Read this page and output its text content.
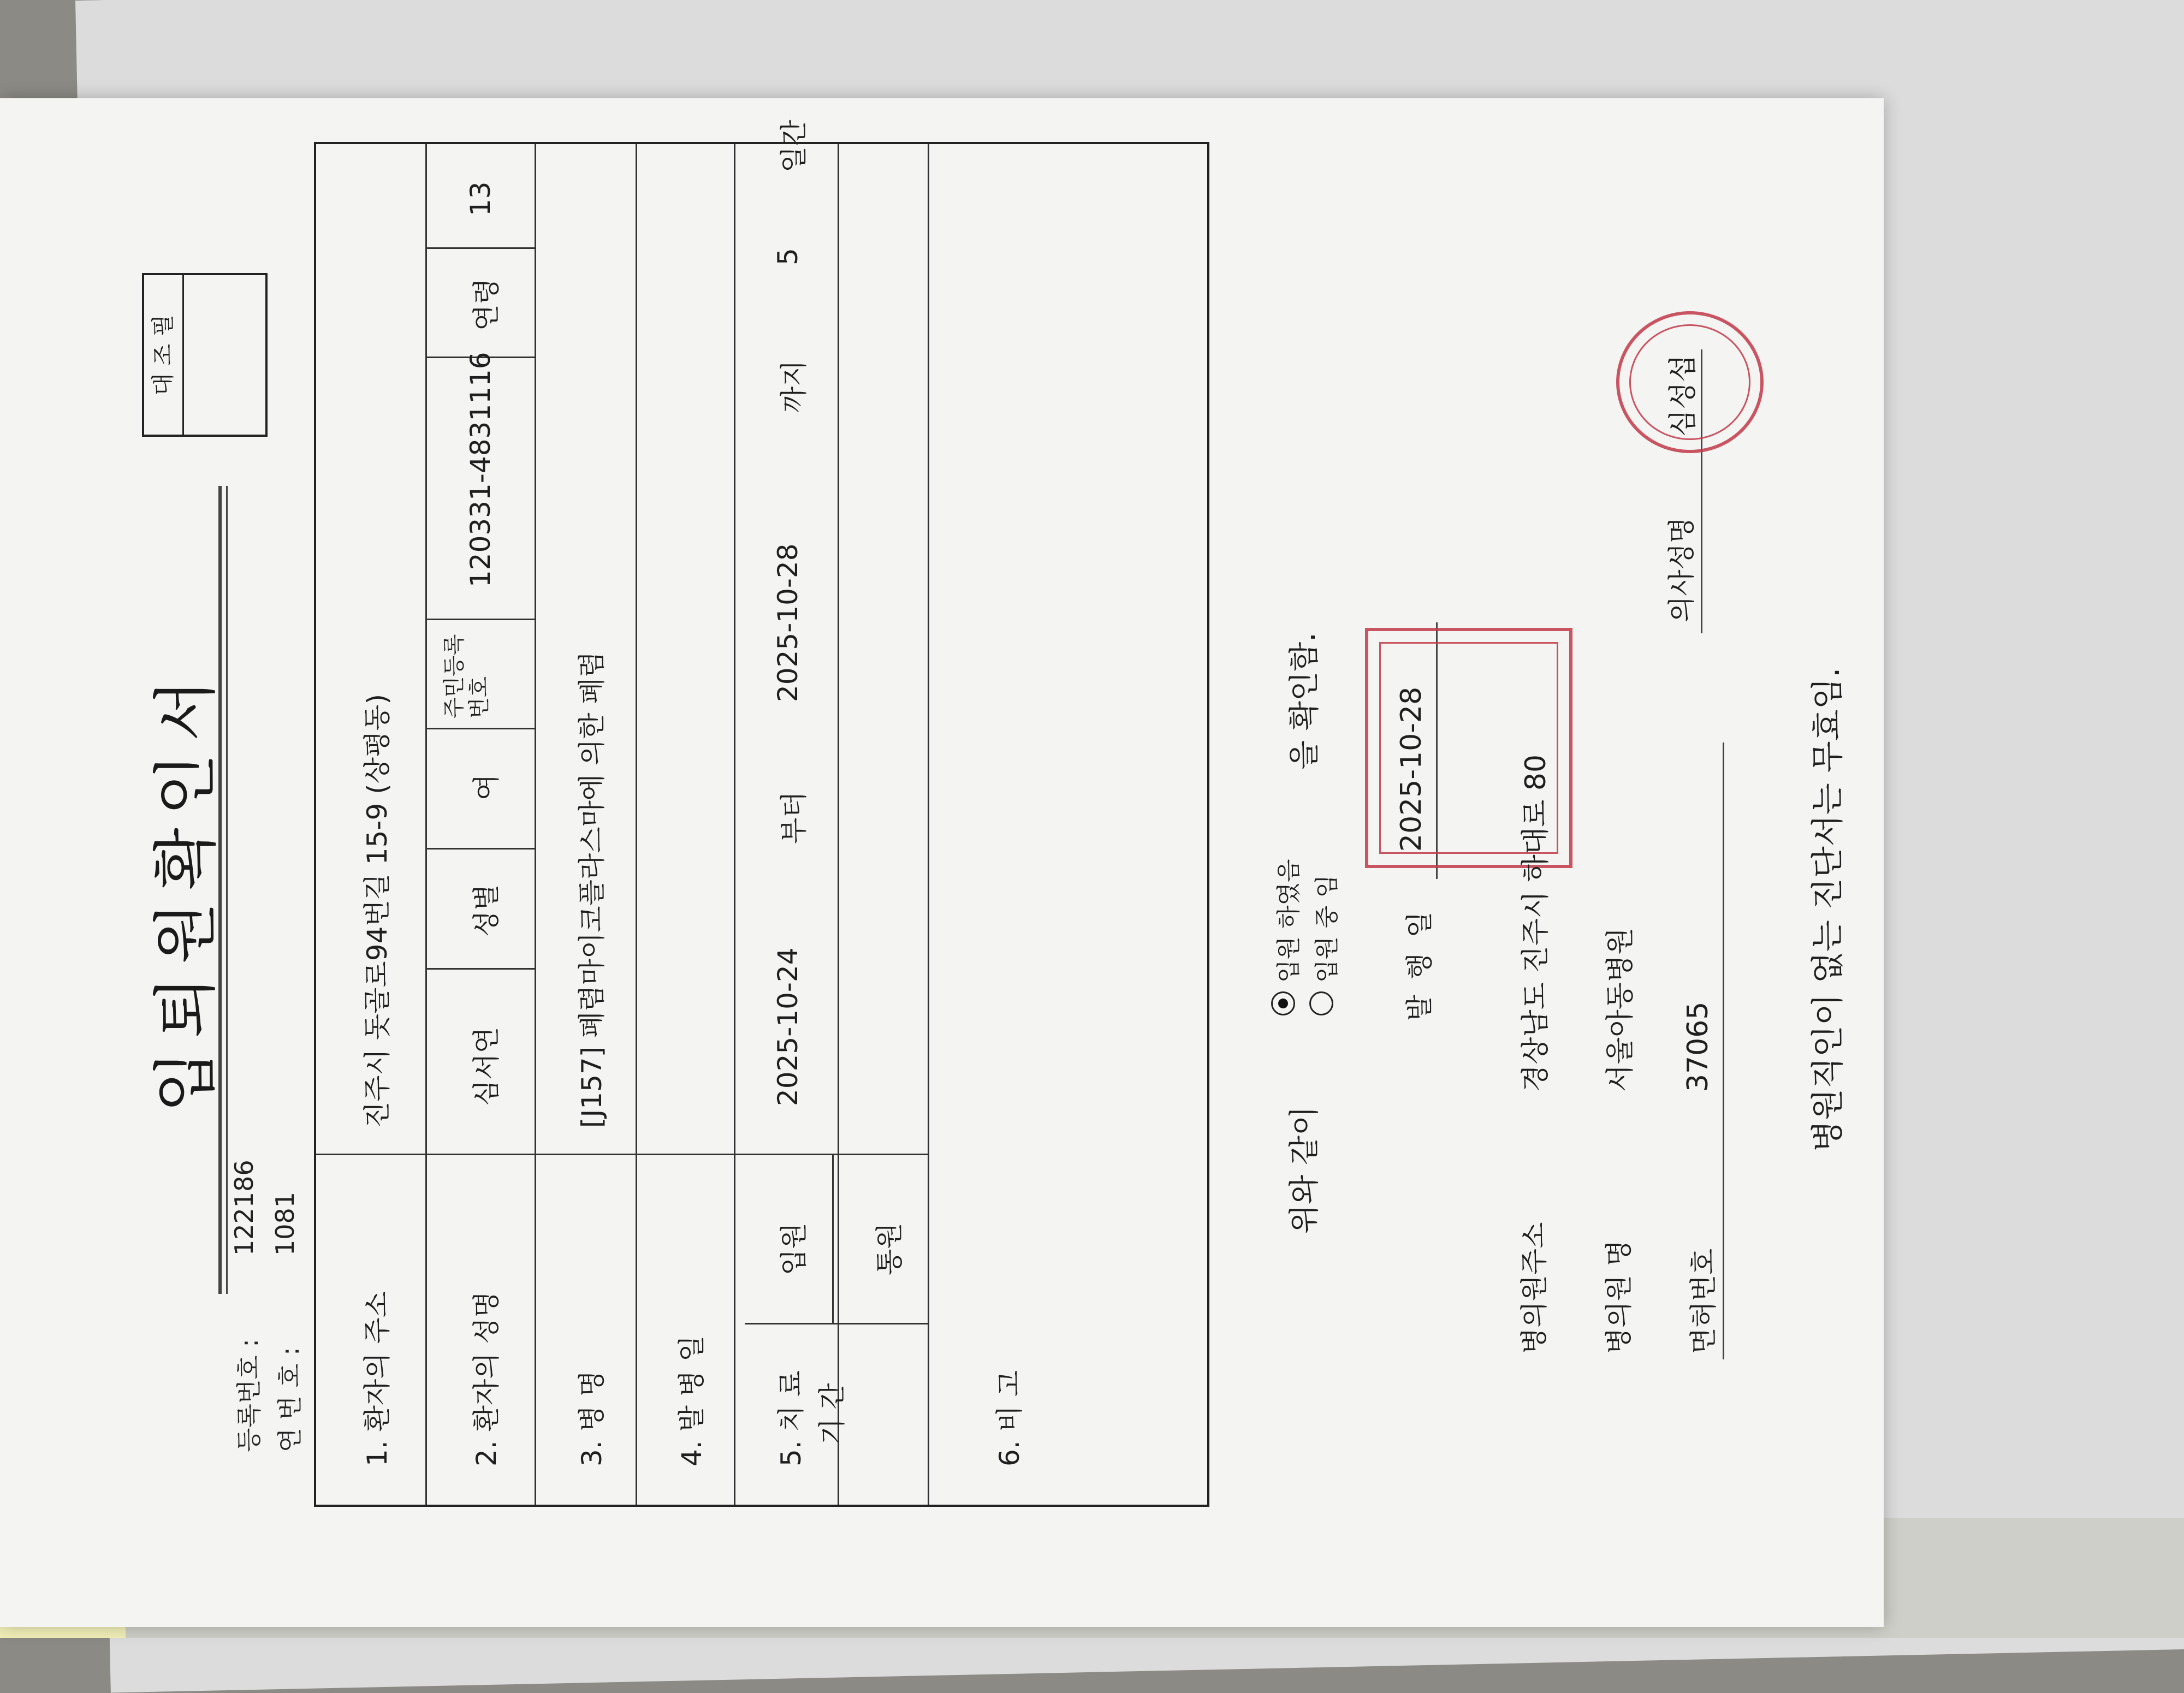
대 조 필
입퇴원확인서
등록번호 :
122186
연 번 호 :
1081
1. 환자의 주소
진주시 돗골로94번길 15-9 (상평동)
2. 환자의 성명
심서연
성별
여
주민등록번호
120331-4831116
연령
13
3. 병 명
[J157] 폐렴마이코플라스마에 의한 폐렴
4. 발 병 일 5. 치 료 기 간
입원 통원
2025-10-24
부터
2025-10-28
까지
5
일간
6. 비 고
위와 같이
입원 하였음 입원 중 임
을 확인함.
발 행 일
2025-10-28
병의원주소
경상남도 진주시 하대로 80
병의원 명
서울아동병원
면허번호
37065
의사성명
심성섭
병원직인이 없는 진단서는 무효임.
